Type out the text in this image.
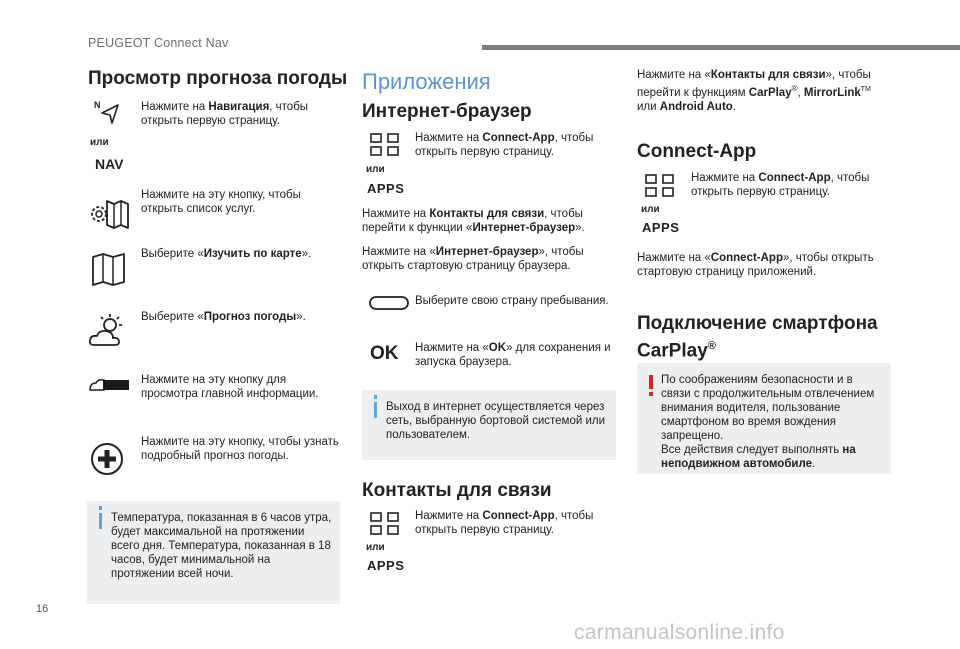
PEUGEOT Connect Nav
16
carmanualsonline.info
Просмотр прогноза погоды
N
или
NAV
Нажмите на Навигация, чтобы открыть первую страницу.
Нажмите на эту кнопку, чтобы открыть список услуг.
Выберите «Изучить по карте».
Выберите «Прогноз погоды».
Нажмите на эту кнопку для просмотра главной информации.
Нажмите на эту кнопку, чтобы узнать подробный прогноз погоды.
Температура, показанная в 6 часов утра, будет максимальной на протяжении всего дня. Температура, показанная в 18 часов, будет минимальной на протяжении всей ночи.
Приложения
Интернет-браузер
или
APPS
Нажмите на Connect-App, чтобы открыть первую страницу.
Нажмите на Контакты для связи, чтобы перейти к функции «Интернет-браузер».
Нажмите на «Интернет-браузер», чтобы открыть стартовую страницу браузера.
Выберите свою страну пребывания.
OK Нажмите на «OK» для сохранения и запуска браузера.
Выход в интернет осуществляется через сеть, выбранную бортовой системой или пользователем.
Контакты для связи
или
APPS
Нажмите на Connect-App, чтобы открыть первую страницу.
Нажмите на «Контакты для связи», чтобы перейти к функциям CarPlay®, MirrorLink™ или Android Auto.
Connect-App
или
APPS
Нажмите на Connect-App, чтобы открыть первую страницу.
Нажмите на «Connect-App», чтобы открыть стартовую страницу приложений.
Подключение смартфона
CarPlay®
По соображениям безопасности и в связи с продолжительным отвлечением внимания водителя, пользование смартфоном во время вождения запрещено.
Все действия следует выполнять на неподвижном автомобиле.
